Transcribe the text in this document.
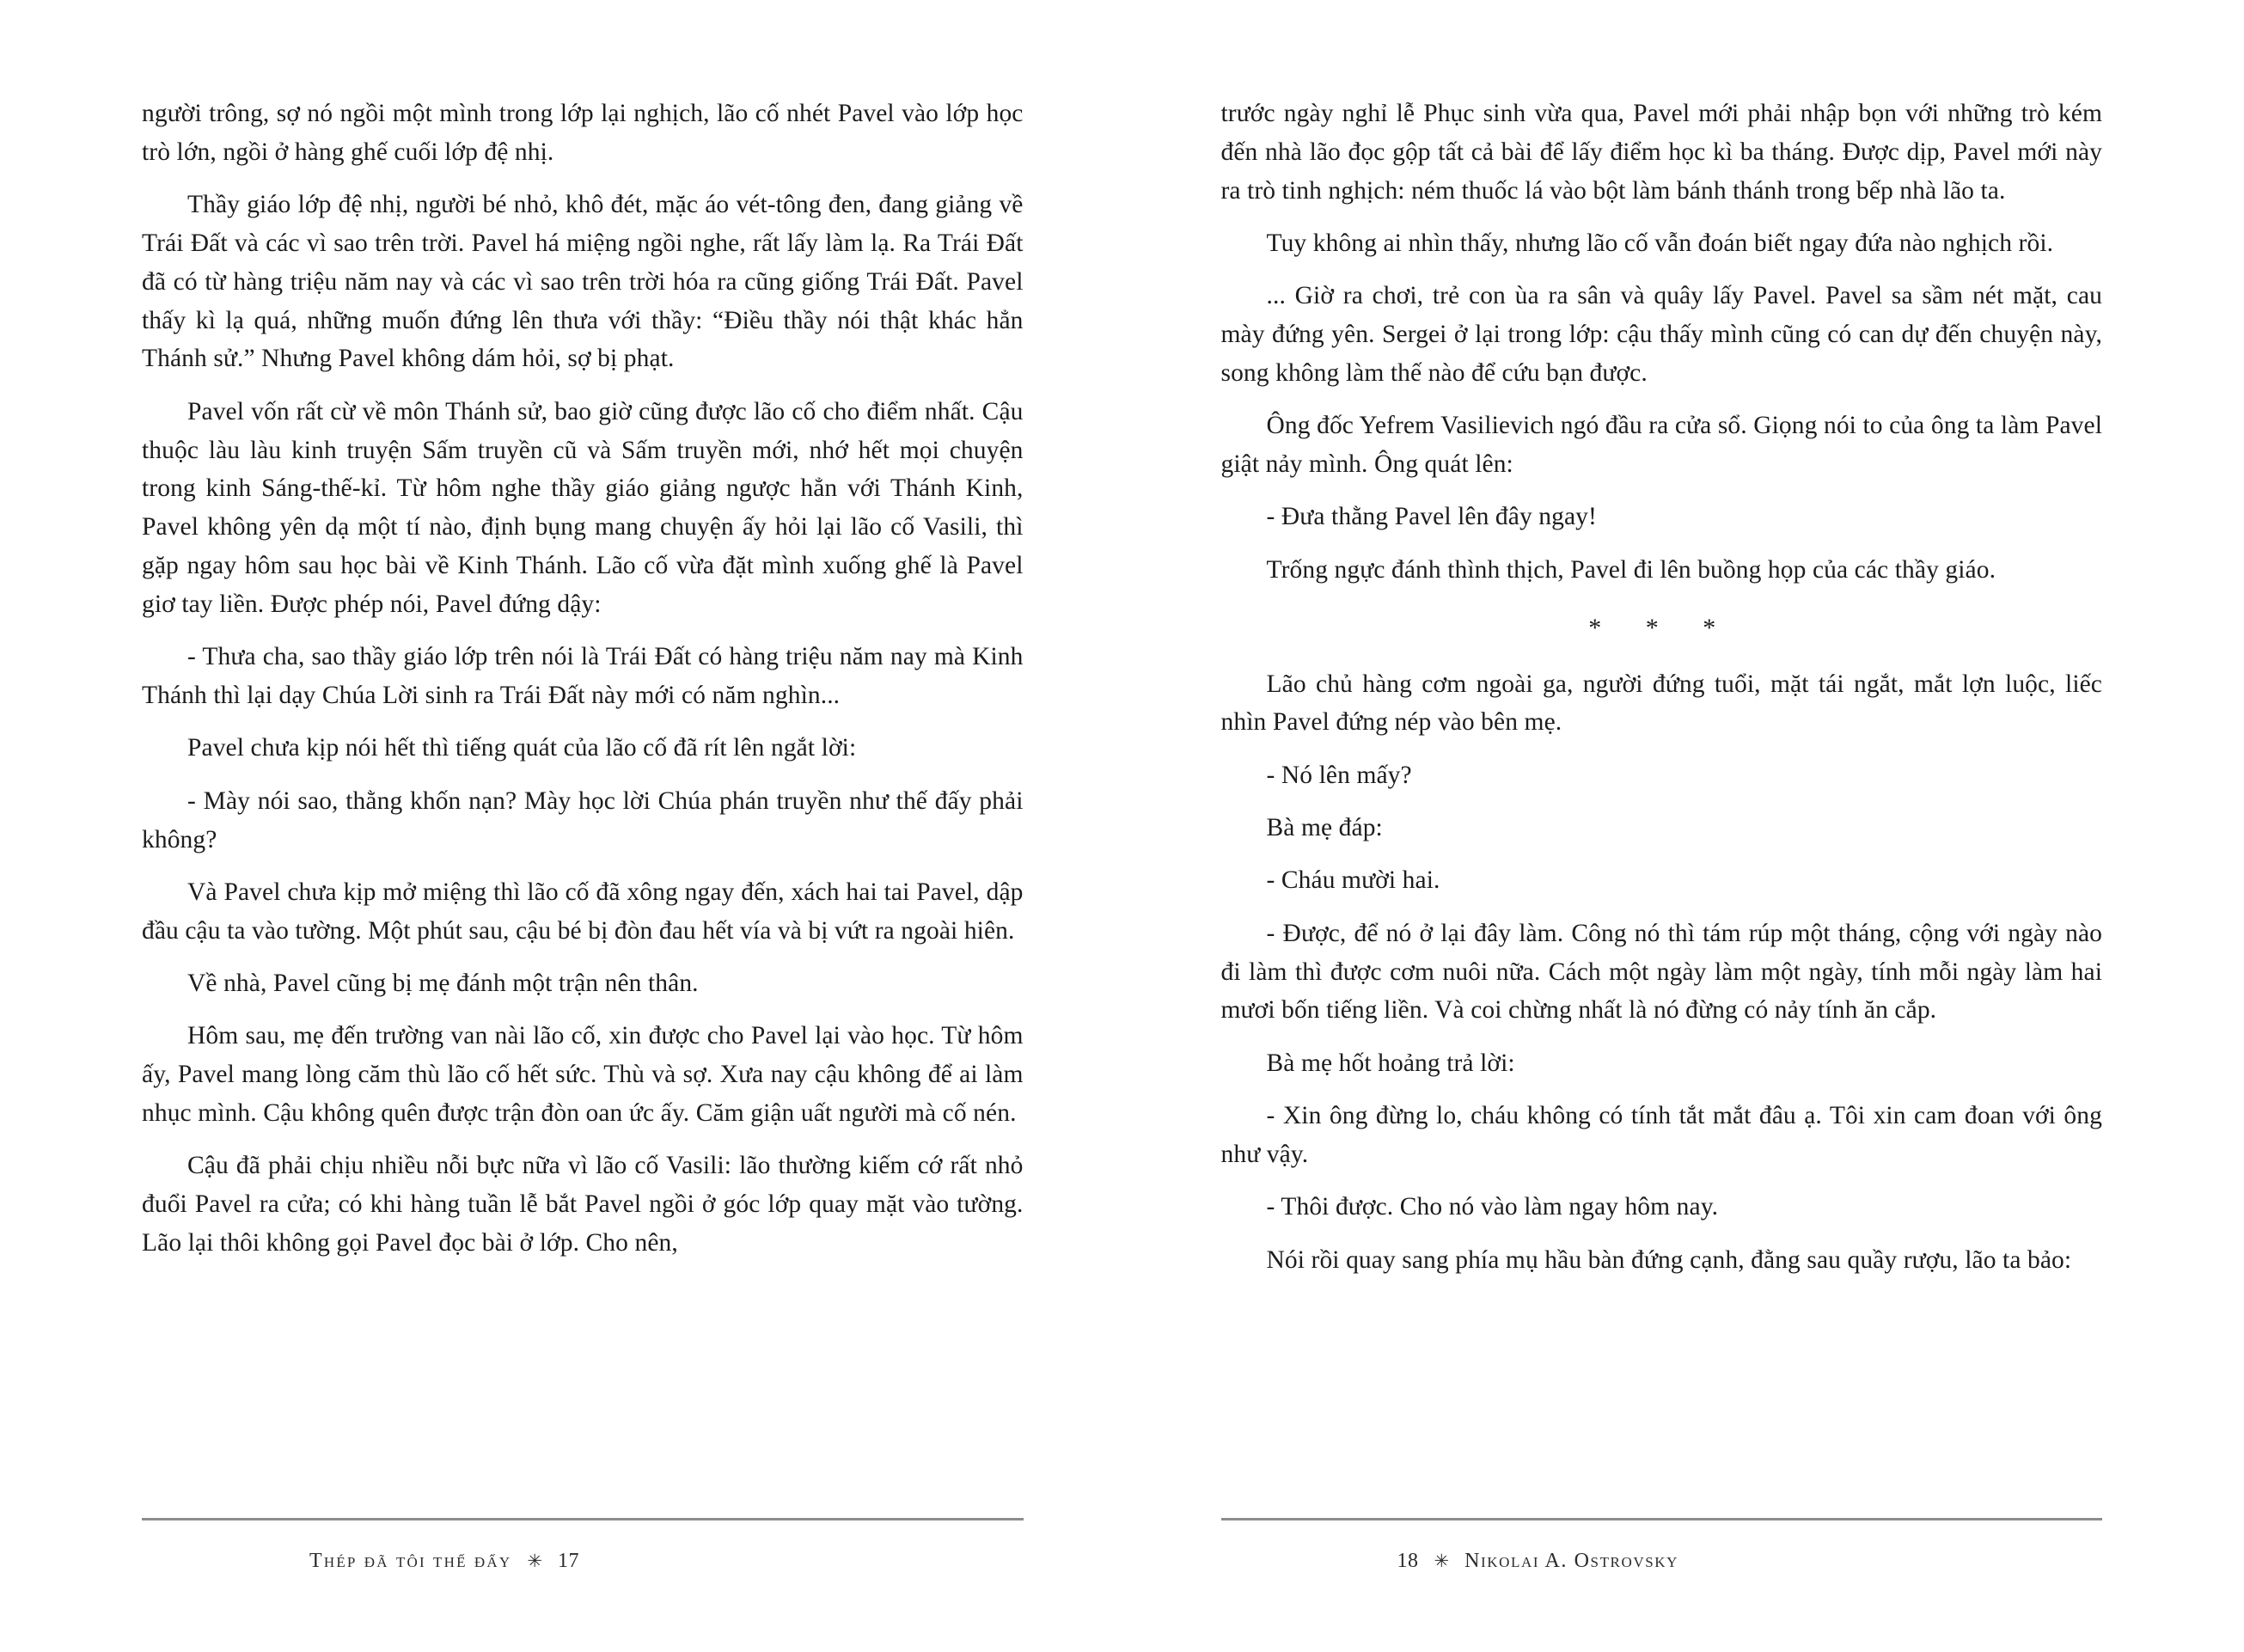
người trông, sợ nó ngồi một mình trong lớp lại nghịch, lão cố nhét Pavel vào lớp học trò lớn, ngồi ở hàng ghế cuối lớp đệ nhị.

Thầy giáo lớp đệ nhị, người bé nhỏ, khô đét, mặc áo vét-tông đen, đang giảng về Trái Đất và các vì sao trên trời. Pavel há miệng ngồi nghe, rất lấy làm lạ. Ra Trái Đất đã có từ hàng triệu năm nay và các vì sao trên trời hóa ra cũng giống Trái Đất. Pavel thấy kì lạ quá, những muốn đứng lên thưa với thầy: “Điều thầy nói thật khác hẳn Thánh sử.” Nhưng Pavel không dám hỏi, sợ bị phạt.

Pavel vốn rất cừ về môn Thánh sử, bao giờ cũng được lão cố cho điểm nhất. Cậu thuộc làu làu kinh truyện Sấm truyền cũ và Sấm truyền mới, nhớ hết mọi chuyện trong kinh Sáng-thế-kỉ. Từ hôm nghe thầy giáo giảng ngược hẳn với Thánh Kinh, Pavel không yên dạ một tí nào, định bụng mang chuyện ấy hỏi lại lão cố Vasili, thì gặp ngay hôm sau học bài về Kinh Thánh. Lão cố vừa đặt mình xuống ghế là Pavel giơ tay liền. Được phép nói, Pavel đứng dậy:

- Thưa cha, sao thầy giáo lớp trên nói là Trái Đất có hàng triệu năm nay mà Kinh Thánh thì lại dạy Chúa Lời sinh ra Trái Đất này mới có năm nghìn...

Pavel chưa kịp nói hết thì tiếng quát của lão cố đã rít lên ngắt lời:

- Mày nói sao, thằng khốn nạn? Mày học lời Chúa phán truyền như thế đấy phải không?

Và Pavel chưa kịp mở miệng thì lão cố đã xông ngay đến, xách hai tai Pavel, dập đầu cậu ta vào tường. Một phút sau, cậu bé bị đòn đau hết vía và bị vứt ra ngoài hiên.

Về nhà, Pavel cũng bị mẹ đánh một trận nên thân.

Hôm sau, mẹ đến trường van nài lão cố, xin được cho Pavel lại vào học. Từ hôm ấy, Pavel mang lòng căm thù lão cố hết sức. Thù và sợ. Xưa nay cậu không để ai làm nhục mình. Cậu không quên được trận đòn oan ức ấy. Căm giận uất người mà cố nén.

Cậu đã phải chịu nhiều nỗi bực nữa vì lão cố Vasili: lão thường kiếm cớ rất nhỏ đuổi Pavel ra cửa; có khi hàng tuần lễ bắt Pavel ngồi ở góc lớp quay mặt vào tường. Lão lại thôi không gọi Pavel đọc bài ở lớp. Cho nên,

Thép đã tôi thế đấy ✳ 17

trước ngày nghỉ lễ Phục sinh vừa qua, Pavel mới phải nhập bọn với những trò kém đến nhà lão đọc gộp tất cả bài để lấy điểm học kì ba tháng. Được dịp, Pavel mới này ra trò tinh nghịch: ném thuốc lá vào bột làm bánh thánh trong bếp nhà lão ta.

Tuy không ai nhìn thấy, nhưng lão cố vẫn đoán biết ngay đứa nào nghịch rồi.

... Giờ ra chơi, trẻ con ùa ra sân và quây lấy Pavel. Pavel sa sầm nét mặt, cau mày đứng yên. Sergei ở lại trong lớp: cậu thấy mình cũng có can dự đến chuyện này, song không làm thế nào để cứu bạn được.

Ông đốc Yefrem Vasilievich ngó đầu ra cửa sổ. Giọng nói to của ông ta làm Pavel giật nảy mình. Ông quát lên:

- Đưa thằng Pavel lên đây ngay!

Trống ngực đánh thình thịch, Pavel đi lên buồng họp của các thầy giáo.

* * *

Lão chủ hàng cơm ngoài ga, người đứng tuổi, mặt tái ngắt, mắt lợn luộc, liếc nhìn Pavel đứng nép vào bên mẹ.

- Nó lên mấy?

Bà mẹ đáp:

- Cháu mười hai.

- Được, để nó ở lại đây làm. Công nó thì tám rúp một tháng, cộng với ngày nào đi làm thì được cơm nuôi nữa. Cách một ngày làm một ngày, tính mỗi ngày làm hai mươi bốn tiếng liền. Và coi chừng nhất là nó đừng có nảy tính ăn cắp.

Bà mẹ hốt hoảng trả lời:

- Xin ông đừng lo, cháu không có tính tắt mắt đâu ạ. Tôi xin cam đoan với ông như vậy.

- Thôi được. Cho nó vào làm ngay hôm nay.

Nói rồi quay sang phía mụ hầu bàn đứng cạnh, đằng sau quầy rượu, lão ta bảo:

18 ✳ Nikolai A. Ostrovsky
